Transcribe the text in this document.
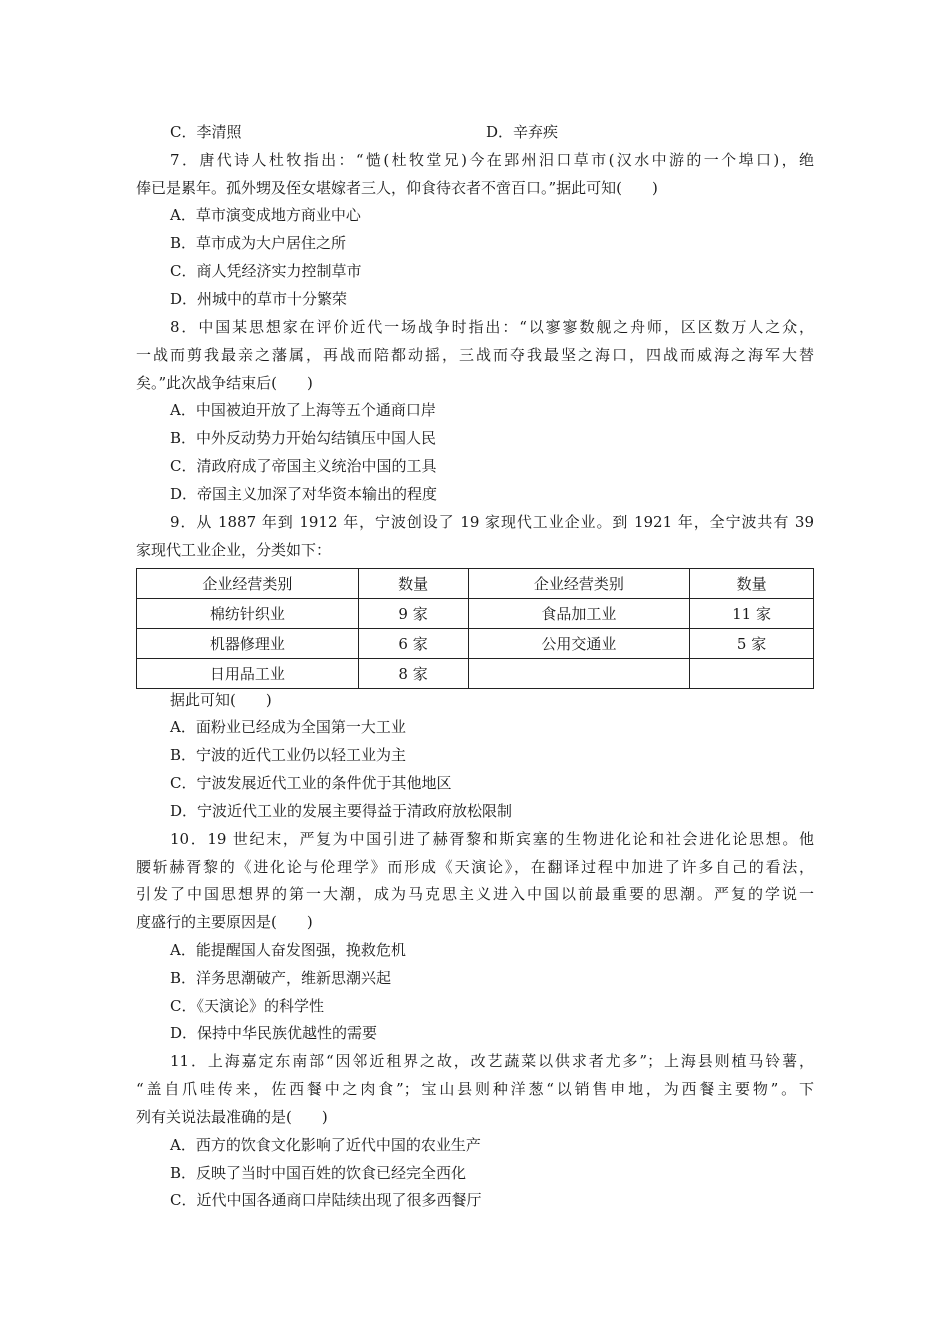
C．李清照	D．辛弃疾
7．唐代诗人杜牧指出：“慥(杜牧堂兄)今在郢州汨口草市(汉水中游的一个埠口)，绝
俸已是累年。孤外甥及侄女堪嫁者三人，仰食待衣者不啻百口。”据此可知(　　)
A．草市演变成地方商业中心
B．草市成为大户居住之所
C．商人凭经济实力控制草市
D．州城中的草市十分繁荣
8．中国某思想家在评价近代一场战争时指出：“以寥寥数舰之舟师，区区数万人之众，
一战而剪我最亲之藩属，再战而陪都动摇，三战而夺我最坚之海口，四战而威海之海军大替
矣。”此次战争结束后(　　)
A．中国被迫开放了上海等五个通商口岸
B．中外反动势力开始勾结镇压中国人民
C．清政府成了帝国主义统治中国的工具
D．帝国主义加深了对华资本输出的程度
9．从 1887 年到 1912 年，宁波创设了 19 家现代工业企业。到 1921 年，全宁波共有 39
家现代工业企业，分类如下：
企业经营类别	数量	企业经营类别	数量
棉纺针织业	9 家	食品加工业	11 家
机器修理业	6 家	公用交通业	5 家
日用品工业	8 家		
据此可知(　　)
A．面粉业已经成为全国第一大工业
B．宁波的近代工业仍以轻工业为主
C．宁波发展近代工业的条件优于其他地区
D．宁波近代工业的发展主要得益于清政府放松限制
10．19 世纪末，严复为中国引进了赫胥黎和斯宾塞的生物进化论和社会进化论思想。他
腰斩赫胥黎的《进化论与伦理学》而形成《天演论》，在翻译过程中加进了许多自己的看法，
引发了中国思想界的第一大潮，成为马克思主义进入中国以前最重要的思潮。严复的学说一
度盛行的主要原因是(　　)
A．能提醒国人奋发图强，挽救危机
B．洋务思潮破产，维新思潮兴起
C．《天演论》的科学性
D．保持中华民族优越性的需要
11．上海嘉定东南部“因邻近租界之故，改艺蔬菜以供求者尤多”；上海县则植马铃薯，
“盖自爪哇传来，佐西餐中之肉食”；宝山县则种洋葱“以销售申地，为西餐主要物”。下
列有关说法最准确的是(　　)
A．西方的饮食文化影响了近代中国的农业生产
B．反映了当时中国百姓的饮食已经完全西化
C．近代中国各通商口岸陆续出现了很多西餐厅
